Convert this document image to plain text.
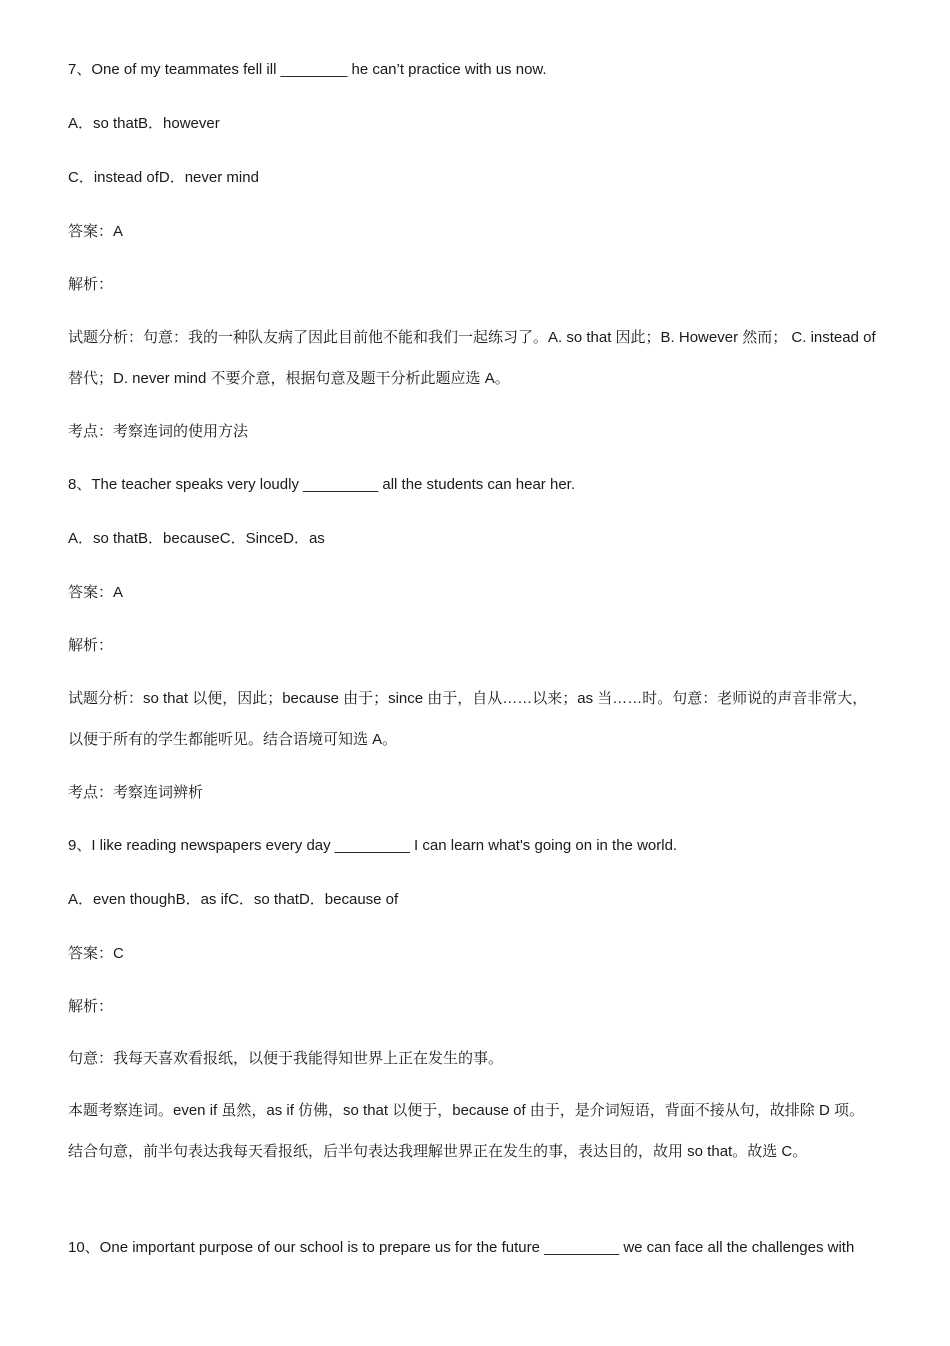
7、One of my teammates fell ill ________ he can’t practice with us now.
A．so thatB．however
C．instead ofD．never mind
答案：A
解析：
试题分析：句意：我的一种队友病了因此目前他不能和我们一起练习了。A. so that 因此；B. However 然而； C. instead of 替代；D. never mind 不要介意，根据句意及题干分析此题应选 A。
考点：考察连词的使用方法
8、The teacher speaks very loudly _________ all the students can hear her.
A．so thatB．becauseC．SinceD．as
答案：A
解析：
试题分析：so that 以便，因此；because 由于；since 由于，自从……以来；as 当……时。句意：老师说的声音非常大，以便于所有的学生都能听见。结合语境可知选 A。
考点：考察连词辨析
9、I like reading newspapers every day _________ I can learn what's going on in the world.
A．even thoughB．as ifC．so thatD．because of
答案：C
解析：
句意：我每天喜欢看报纸，以便于我能得知世界上正在发生的事。
本题考察连词。even if 虽然，as if 仿佛，so that 以便于，because of 由于，是介词短语，背面不接从句，故排除 D 项。结合句意，前半句表达我每天看报纸，后半句表达我理解世界正在发生的事，表达目的，故用 so that。故选 C。
10、One important purpose of our school is to prepare us for the future _________ we can face all the challenges with
